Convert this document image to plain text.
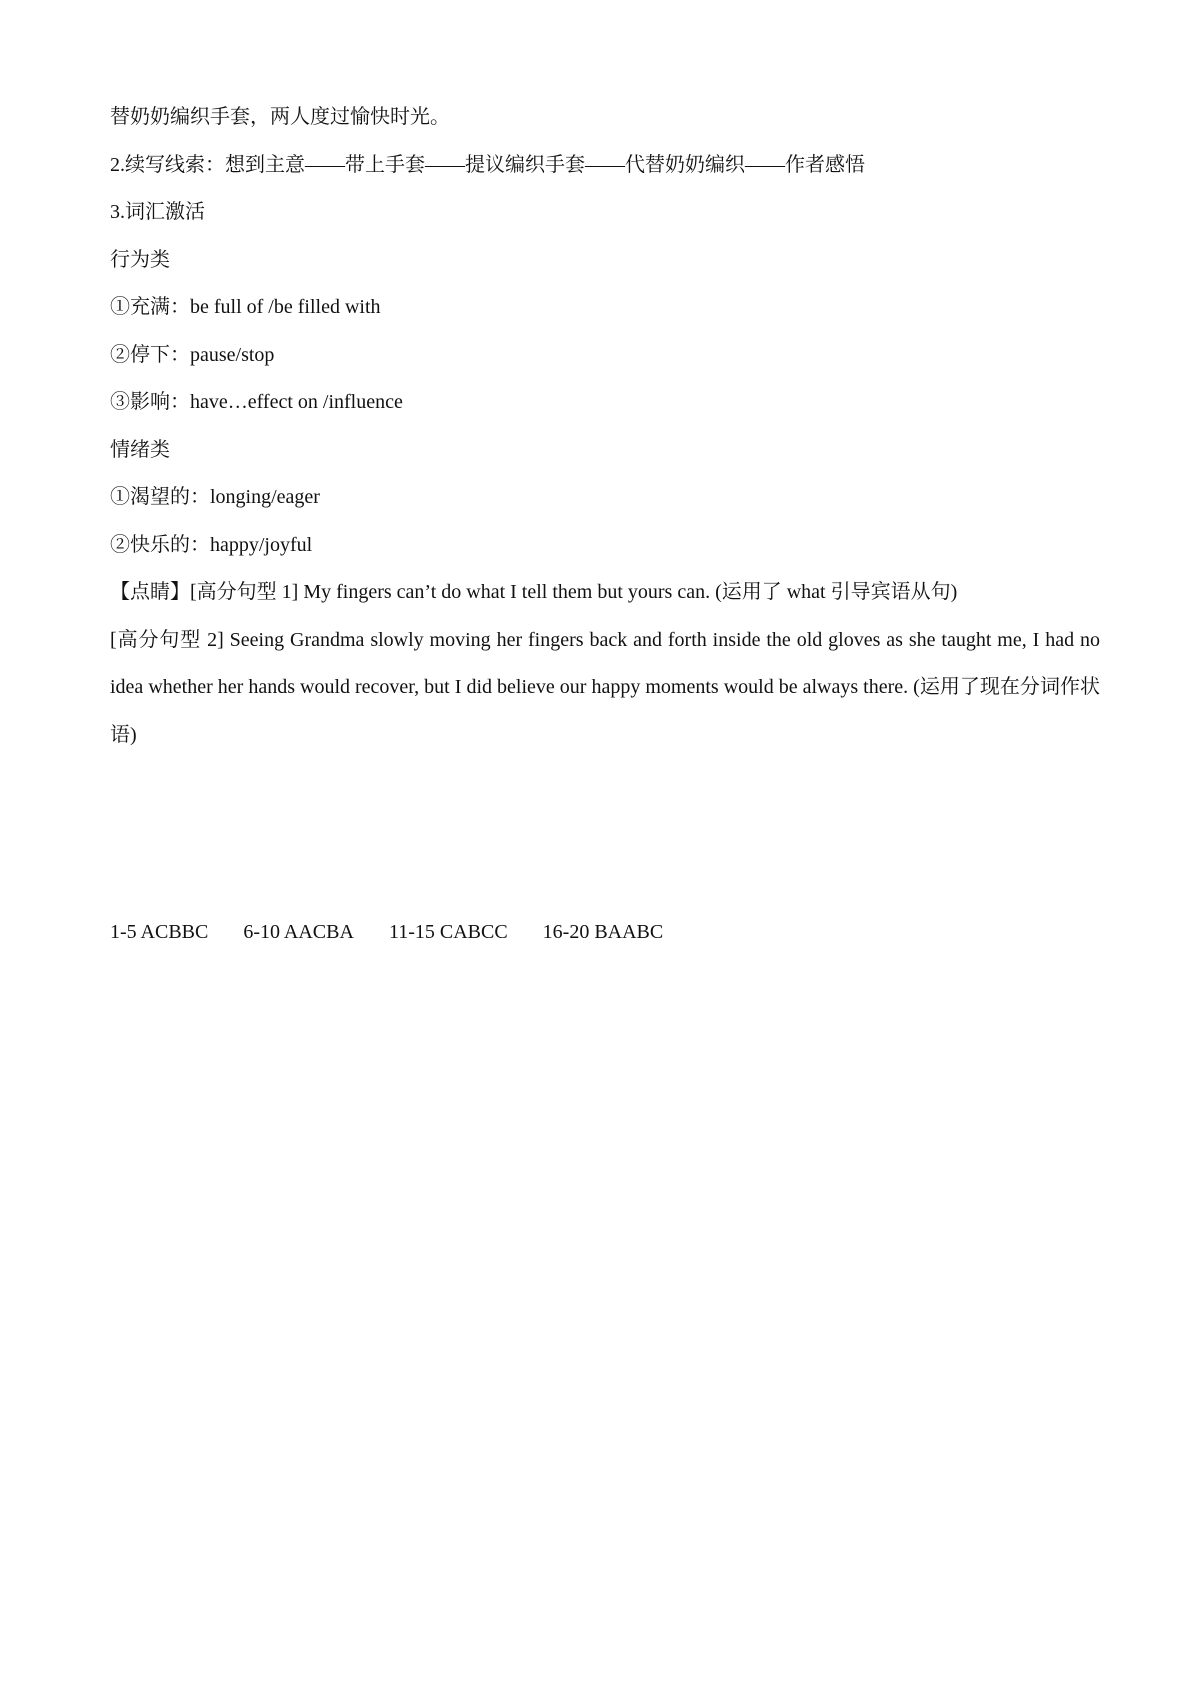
替奶奶编织手套，两人度过愉快时光。

2.续写线索：想到主意——带上手套——提议编织手套——代替奶奶编织——作者感悟

3.词汇激活

行为类

①充满：be full of /be filled with

②停下：pause/stop

③影响：have…effect on /influence

情绪类

①渴望的：longing/eager

②快乐的：happy/joyful

【点睛】[高分句型 1] My fingers can’t do what I tell them but yours can. (运用了 what 引导宾语从句)

[高分句型 2] Seeing Grandma slowly moving her fingers back and forth inside the old gloves as she taught me, I had no idea whether her hands would recover, but I did believe our happy moments would be always there. (运用了现在分词作状语)

1-5 ACBBC 6-10 AACBA 11-15 CABCC 16-20 BAABC
